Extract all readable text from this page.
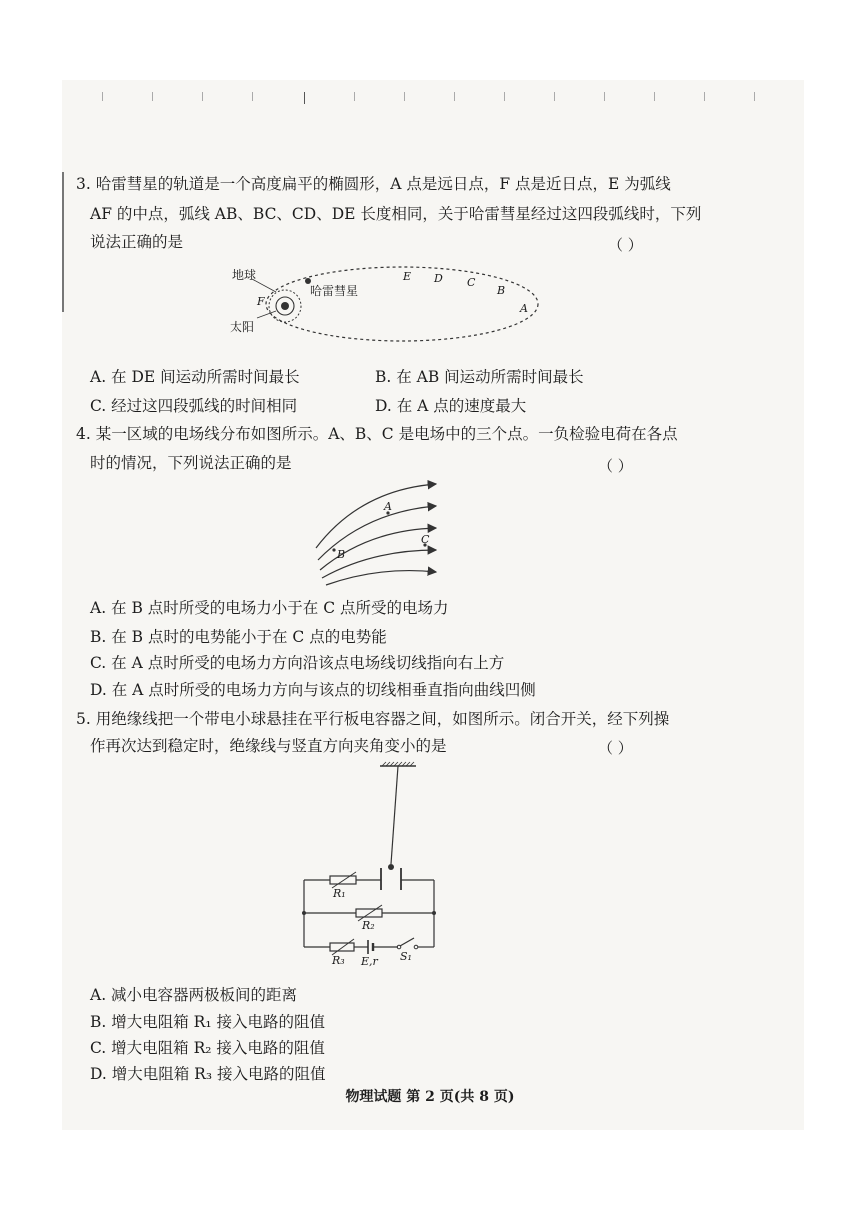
3. 哈雷彗星的轨道是一个高度扁平的椭圆形，A 点是远日点，F 点是近日点，E 为弧线
AF 的中点，弧线 AB、BC、CD、DE 长度相同，关于哈雷彗星经过这四段弧线时，下列
说法正确的是	（ ）
地球
哈雷彗星
太阳
F
E D C
B
A
A. 在 DE 间运动所需时间最长	B. 在 AB 间运动所需时间最长
C. 经过这四段弧线的时间相同	D. 在 A 点的速度最大
4. 某一区域的电场线分布如图所示。A、B、C 是电场中的三个点。一负检验电荷在各点
时的情况，下列说法正确的是	（ ）
A
B
C
A. 在 B 点时所受的电场力小于在 C 点所受的电场力
B. 在 B 点时的电势能小于在 C 点的电势能
C. 在 A 点时所受的电场力方向沿该点电场线切线指向右上方
D. 在 A 点时所受的电场力方向与该点的切线相垂直指向曲线凹侧
5. 用绝缘线把一个带电小球悬挂在平行板电容器之间，如图所示。闭合开关，经下列操
作再次达到稳定时，绝缘线与竖直方向夹角变小的是	（ ）
R₁
R₂
R₃ E,r S₁
A. 减小电容器两极板间的距离
B. 增大电阻箱 R₁ 接入电路的阻值
C. 增大电阻箱 R₂ 接入电路的阻值
D. 增大电阻箱 R₃ 接入电路的阻值
物理试题 第 2 页(共 8 页)
